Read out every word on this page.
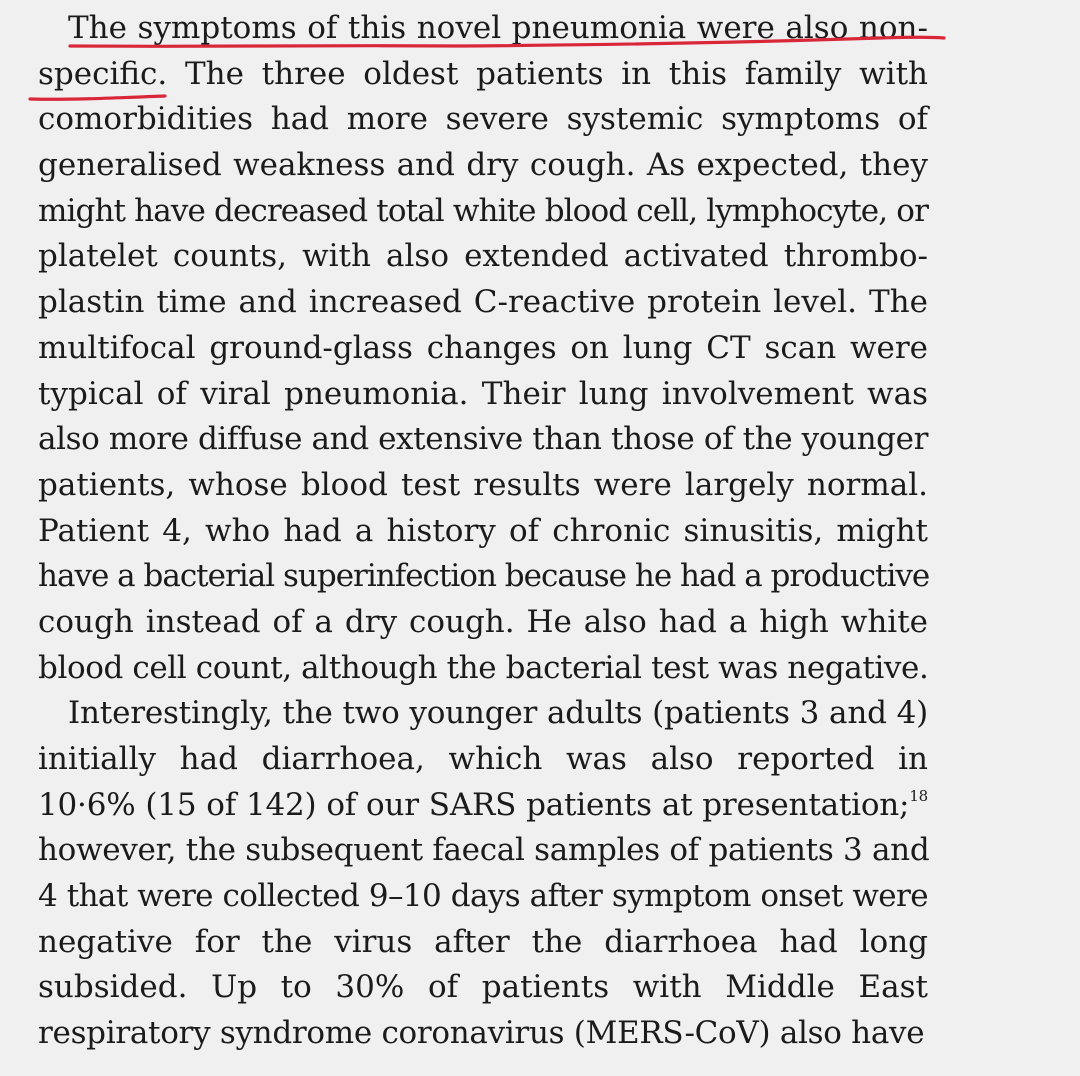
The symptoms of this novel pneumonia were also non-
specific. The three oldest patients in this family with
comorbidities had more severe systemic symptoms of
generalised weakness and dry cough. As expected, they
might have decreased total white blood cell, lymphocyte, or
platelet counts, with also extended activated thrombo-
plastin time and increased C-reactive protein level. The
multifocal ground-glass changes on lung CT scan were
typical of viral pneumonia. Their lung involvement was
also more diffuse and extensive than those of the younger
patients, whose blood test results were largely normal.
Patient 4, who had a history of chronic sinusitis, might
have a bacterial superinfection because he had a productive
cough instead of a dry cough. He also had a high white
blood cell count, although the bacterial test was negative.
Interestingly, the two younger adults (patients 3 and 4)
initially had diarrhoea, which was also reported in
10·6% (15 of 142) of our SARS patients at presentation;$^{18}$
however, the subsequent faecal samples of patients 3 and
4 that were collected 9–10 days after symptom onset were
negative for the virus after the diarrhoea had long
subsided. Up to 30% of patients with Middle East
respiratory syndrome coronavirus (MERS-CoV) also have
